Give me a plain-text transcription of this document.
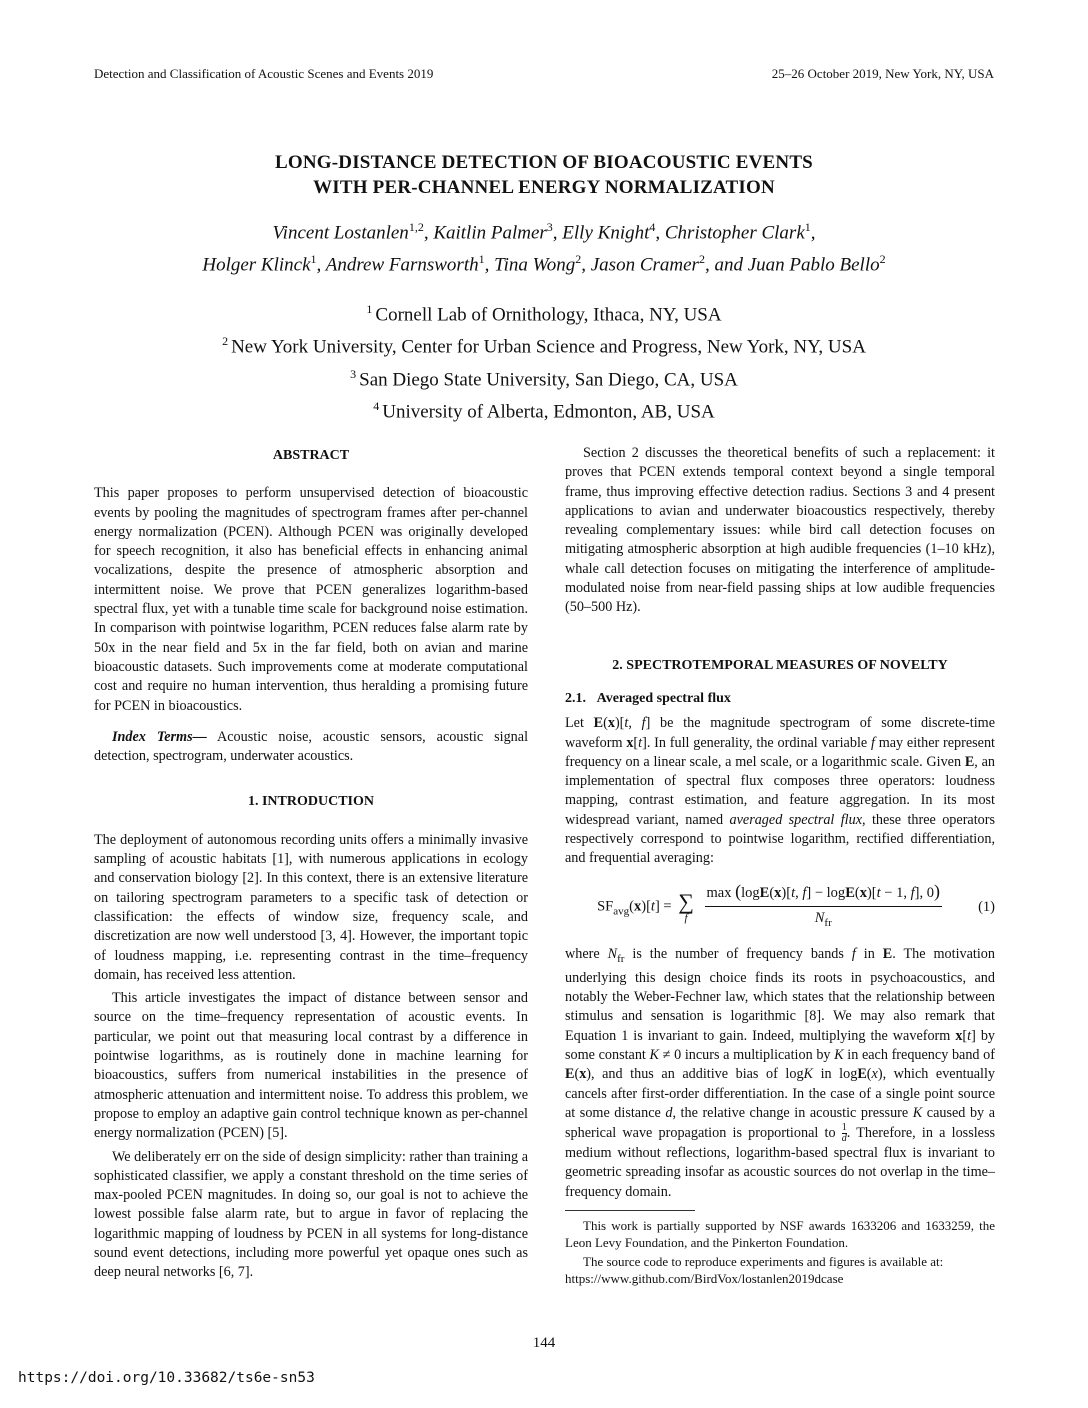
Detection and Classification of Acoustic Scenes and Events 2019	25–26 October 2019, New York, NY, USA
LONG-DISTANCE DETECTION OF BIOACOUSTIC EVENTS
WITH PER-CHANNEL ENERGY NORMALIZATION
Vincent Lostanlen$^{1,2}$, Kaitlin Palmer$^3$, Elly Knight$^4$, Christopher Clark$^1$,
Holger Klinck$^1$, Andrew Farnsworth$^1$, Tina Wong$^2$, Jason Cramer$^2$, and Juan Pablo Bello$^2$
$^1$ Cornell Lab of Ornithology, Ithaca, NY, USA
$^2$ New York University, Center for Urban Science and Progress, New York, NY, USA
$^3$ San Diego State University, San Diego, CA, USA
$^4$ University of Alberta, Edmonton, AB, USA

ABSTRACT

This paper proposes to perform unsupervised detection of bioacoustic events by pooling the magnitudes of spectrogram frames after per-channel energy normalization (PCEN). Although PCEN was originally developed for speech recognition, it also has beneficial effects in enhancing animal vocalizations, despite the presence of atmospheric absorption and intermittent noise. We prove that PCEN generalizes logarithm-based spectral flux, yet with a tunable time scale for background noise estimation. In comparison with pointwise logarithm, PCEN reduces false alarm rate by 50x in the near field and 5x in the far field, both on avian and marine bioacoustic datasets. Such improvements come at moderate computational cost and require no human intervention, thus heralding a promising future for PCEN in bioacoustics.

Index Terms— Acoustic noise, acoustic sensors, acoustic signal detection, spectrogram, underwater acoustics.

1. INTRODUCTION

The deployment of autonomous recording units offers a minimally invasive sampling of acoustic habitats [1], with numerous applications in ecology and conservation biology [2]. In this context, there is an extensive literature on tailoring spectrogram parameters to a specific task of detection or classification: the effects of window size, frequency scale, and discretization are now well understood [3, 4]. However, the important topic of loudness mapping, i.e. representing contrast in the time–frequency domain, has received less attention.

This article investigates the impact of distance between sensor and source on the time–frequency representation of acoustic events. In particular, we point out that measuring local contrast by a difference in pointwise logarithms, as is routinely done in machine learning for bioacoustics, suffers from numerical instabilities in the presence of atmospheric attenuation and intermittent noise. To address this problem, we propose to employ an adaptive gain control technique known as per-channel energy normalization (PCEN) [5].

We deliberately err on the side of design simplicity: rather than training a sophisticated classifier, we apply a constant threshold on the time series of max-pooled PCEN magnitudes. In doing so, our goal is not to achieve the lowest possible false alarm rate, but to argue in favor of replacing the logarithmic mapping of loudness by PCEN in all systems for long-distance sound event detections, including more powerful yet opaque ones such as deep neural networks [6, 7].

Section 2 discusses the theoretical benefits of such a replacement: it proves that PCEN extends temporal context beyond a single temporal frame, thus improving effective detection radius. Sections 3 and 4 present applications to avian and underwater bioacoustics respectively, thereby revealing complementary issues: while bird call detection focuses on mitigating atmospheric absorption at high audible frequencies (1–10 kHz), whale call detection focuses on mitigating the interference of amplitude-modulated noise from near-field passing ships at low audible frequencies (50–500 Hz).

2. SPECTROTEMPORAL MEASURES OF NOVELTY

2.1. Averaged spectral flux

Let E(x)[t, f] be the magnitude spectrogram of some discrete-time waveform x[t]. In full generality, the ordinal variable f may either represent frequency on a linear scale, a mel scale, or a logarithmic scale. Given E, an implementation of spectral flux composes three operators: loudness mapping, contrast estimation, and feature aggregation. In its most widespread variant, named averaged spectral flux, these three operators respectively correspond to pointwise logarithm, rectified differentiation, and frequential averaging:

$SF_{avg}(x)[t]$ = ∑
f
$\frac{\max (\log E(x)[t, f] - \log E(x)[t - 1, f], 0)}{N_{fr}} (1)$

where $N_{fr}$ is the number of frequency bands f in E. The motivation underlying this design choice finds its roots in psychoacoustics, and notably the Weber-Fechner law, which states that the relationship between stimulus and sensation is logarithmic [8]. We may also remark that Equation 1 is invariant to gain. Indeed, multiplying the waveform x[t] by some constant K ≠ 0 incurs a multiplication by K in each frequency band of E(x), and thus an additive bias of logK in logE(x), which eventually cancels after first-order differentiation. In the case of a single point source at some distance d, the relative change in acoustic pressure K caused by a spherical wave propagation is proportional to $\frac{1}{d}$ . Therefore, in a lossless medium without reflections, logarithm-based spectral flux is invariant to geometric spreading insofar as acoustic sources do not overlap in the time–frequency domain.

This work is partially supported by NSF awards 1633206 and 1633259, the Leon Levy Foundation, and the Pinkerton Foundation.

The source code to reproduce experiments and figures is available at: https://www.github.com/BirdVox/lostanlen2019dcase

144
https://doi.org/10.33682/ts6e-sn53
